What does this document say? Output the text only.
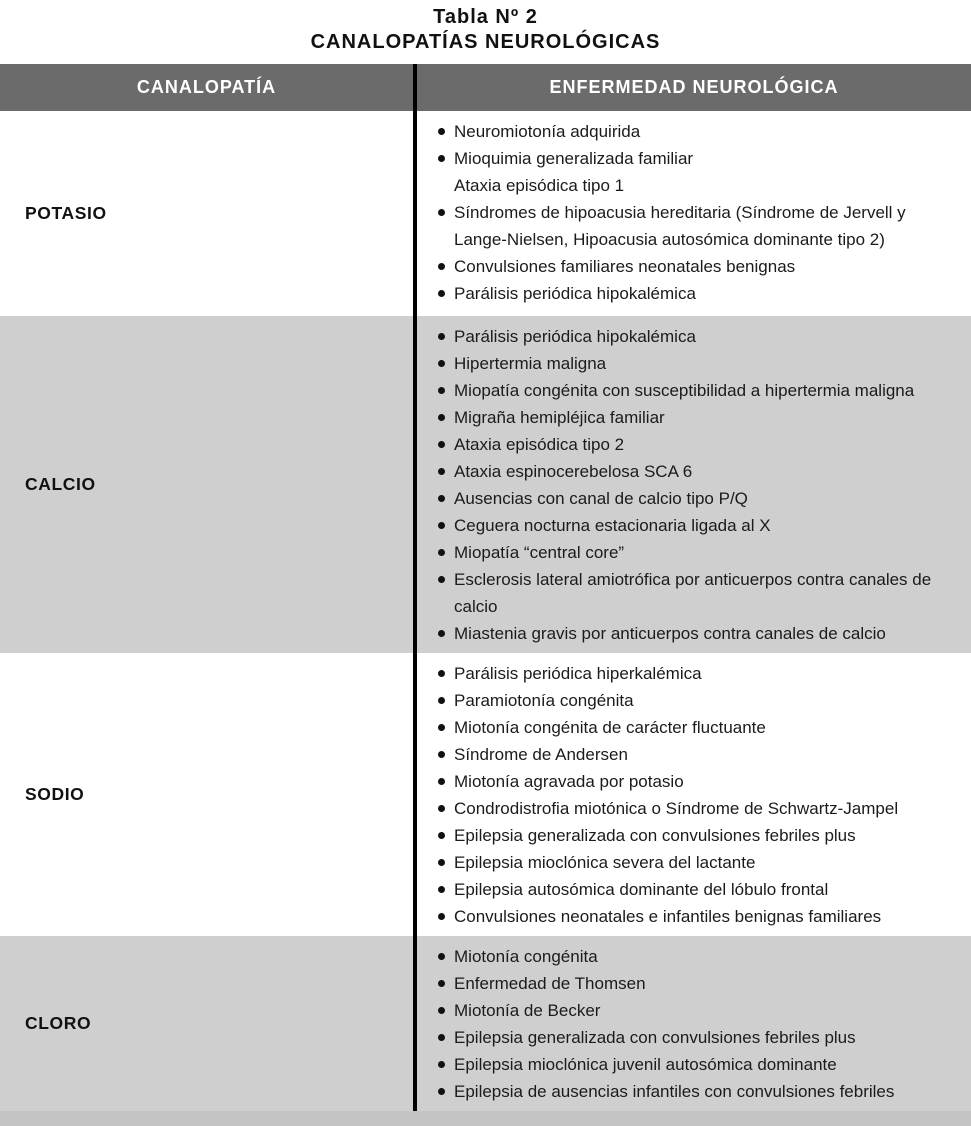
Tabla Nº 2
CANALOPATÍAS NEUROLÓGICAS
CANALOPATÍA	ENFERMEDAD NEUROLÓGICA
POTASIO
Neuromiotonía adquirida
Mioquimia generalizada familiar
Ataxia episódica tipo 1
Síndromes de hipoacusia hereditaria (Síndrome de Jervell y Lange-Nielsen, Hipoacusia autosómica dominante tipo 2)
Convulsiones familiares neonatales benignas
Parálisis periódica hipokalémica
CALCIO
Parálisis periódica hipokalémica
Hipertermia maligna
Miopatía congénita con susceptibilidad a hipertermia maligna
Migraña hemipléjica familiar
Ataxia episódica tipo 2
Ataxia espinocerebelosa SCA 6
Ausencias con canal de calcio tipo P/Q
Ceguera nocturna estacionaria ligada al X
Miopatía “central core”
Esclerosis lateral amiotrófica por anticuerpos contra canales de calcio
Miastenia gravis por anticuerpos contra canales de calcio
SODIO
Parálisis periódica hiperkalémica
Paramiotonía congénita
Miotonía congénita de carácter fluctuante
Síndrome de Andersen
Miotonía agravada por potasio
Condrodistrofia miotónica o Síndrome de Schwartz-Jampel
Epilepsia generalizada con convulsiones febriles plus
Epilepsia mioclónica severa del lactante
Epilepsia autosómica dominante del lóbulo frontal
Convulsiones neonatales e infantiles benignas familiares
CLORO
Miotonía congénita
Enfermedad de Thomsen
Miotonía de Becker
Epilepsia generalizada con convulsiones febriles plus
Epilepsia mioclónica juvenil autosómica dominante
Epilepsia de ausencias infantiles con convulsiones febriles
